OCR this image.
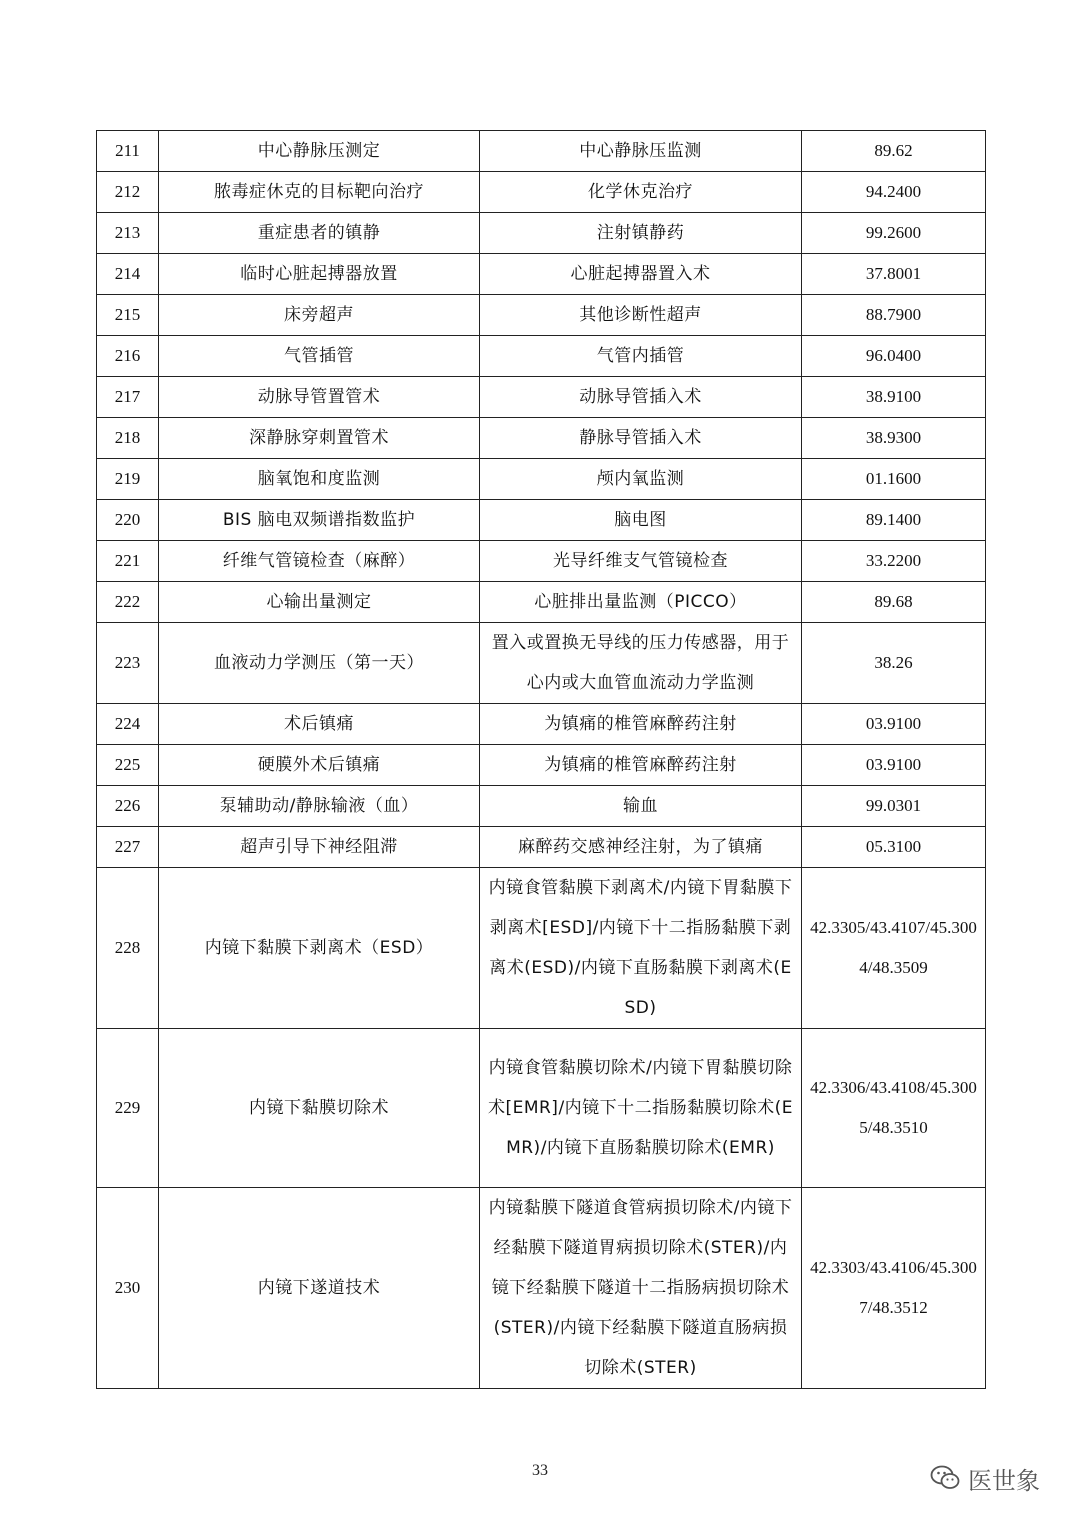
211	中心静脉压测定	中心静脉压监测	89.62
212	脓毒症休克的目标靶向治疗	化学休克治疗	94.2400
213	重症患者的镇静	注射镇静药	99.2600
214	临时心脏起搏器放置	心脏起搏器置入术	37.8001
215	床旁超声	其他诊断性超声	88.7900
216	气管插管	气管内插管	96.0400
217	动脉导管置管术	动脉导管插入术	38.9100
218	深静脉穿刺置管术	静脉导管插入术	38.9300
219	脑氧饱和度监测	颅内氧监测	01.1600
220	BIS 脑电双频谱指数监护	脑电图	89.1400
221	纤维气管镜检查（麻醉）	光导纤维支气管镜检查	33.2200
222	心输出量测定	心脏排出量监测（PICCO）	89.68
223	血液动力学测压（第一天）	置入或置换无导线的压力传感器，用于心内或大血管血流动力学监测	38.26
224	术后镇痛	为镇痛的椎管麻醉药注射	03.9100
225	硬膜外术后镇痛	为镇痛的椎管麻醉药注射	03.9100
226	泵辅助动/静脉输液（血）	输血	99.0301
227	超声引导下神经阻滞	麻醉药交感神经注射，为了镇痛	05.3100
228	内镜下黏膜下剥离术（ESD）	内镜食管黏膜下剥离术/内镜下胃黏膜下剥离术[ESD]/内镜下十二指肠黏膜下剥离术(ESD)/内镜下直肠黏膜下剥离术(ESD)	42.3305/43.4107/45.3004/48.3509
229	内镜下黏膜切除术	内镜食管黏膜切除术/内镜下胃黏膜切除术[EMR]/内镜下十二指肠黏膜切除术(EMR)/内镜下直肠黏膜切除术(EMR)	42.3306/43.4108/45.3005/48.3510
230	内镜下遂道技术	内镜黏膜下隧道食管病损切除术/内镜下经黏膜下隧道胃病损切除术(STER)/内镜下经黏膜下隧道十二指肠病损切除术(STER)/内镜下经黏膜下隧道直肠病损切除术(STER)	42.3303/43.4106/45.3007/48.3512
33	医世象
